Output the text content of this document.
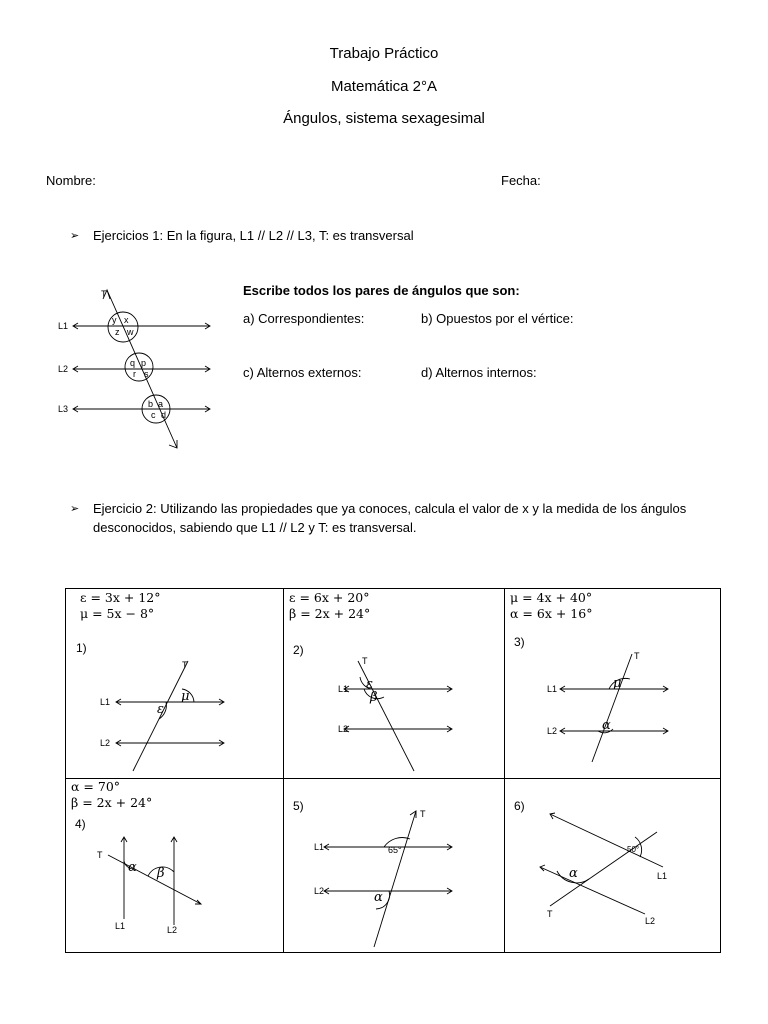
Trabajo Práctico
Matemática 2°A
Ángulos, sistema sexagesimal
Nombre:	Fecha:
➢ Ejercicios 1: En la figura, L1 // L2 // L3, T: es transversal
Escribe todos los pares de ángulos que son:
a) Correspondientes:	b) Opuestos por el vértice:
c) Alternos externos:	d) Alternos internos:
T
L1
L2
L3
y x
z w
q p
r s
b a
c d
➢ Ejercicio 2: Utilizando las propiedades que ya conoces, calcula el valor de x y la medida de los ángulos
desconocidos, sabiendo que L1 // L2 y T: es transversal.
ε = 3x + 12°
μ = 5x − 8°
1)
T
L1
L2
μ
ε
ε = 6x + 20°
β = 2x + 24°
2)
T
L1
L2
ε
β
μ = 4x + 40°
α = 6x + 16°
3)
T
L1
L2
μ
α
α = 70°
β = 2x + 24°
4)
T
L1	L2
α β
5)
T
L1
L2
65°
α
6)
L1
L2
T
50°
α
